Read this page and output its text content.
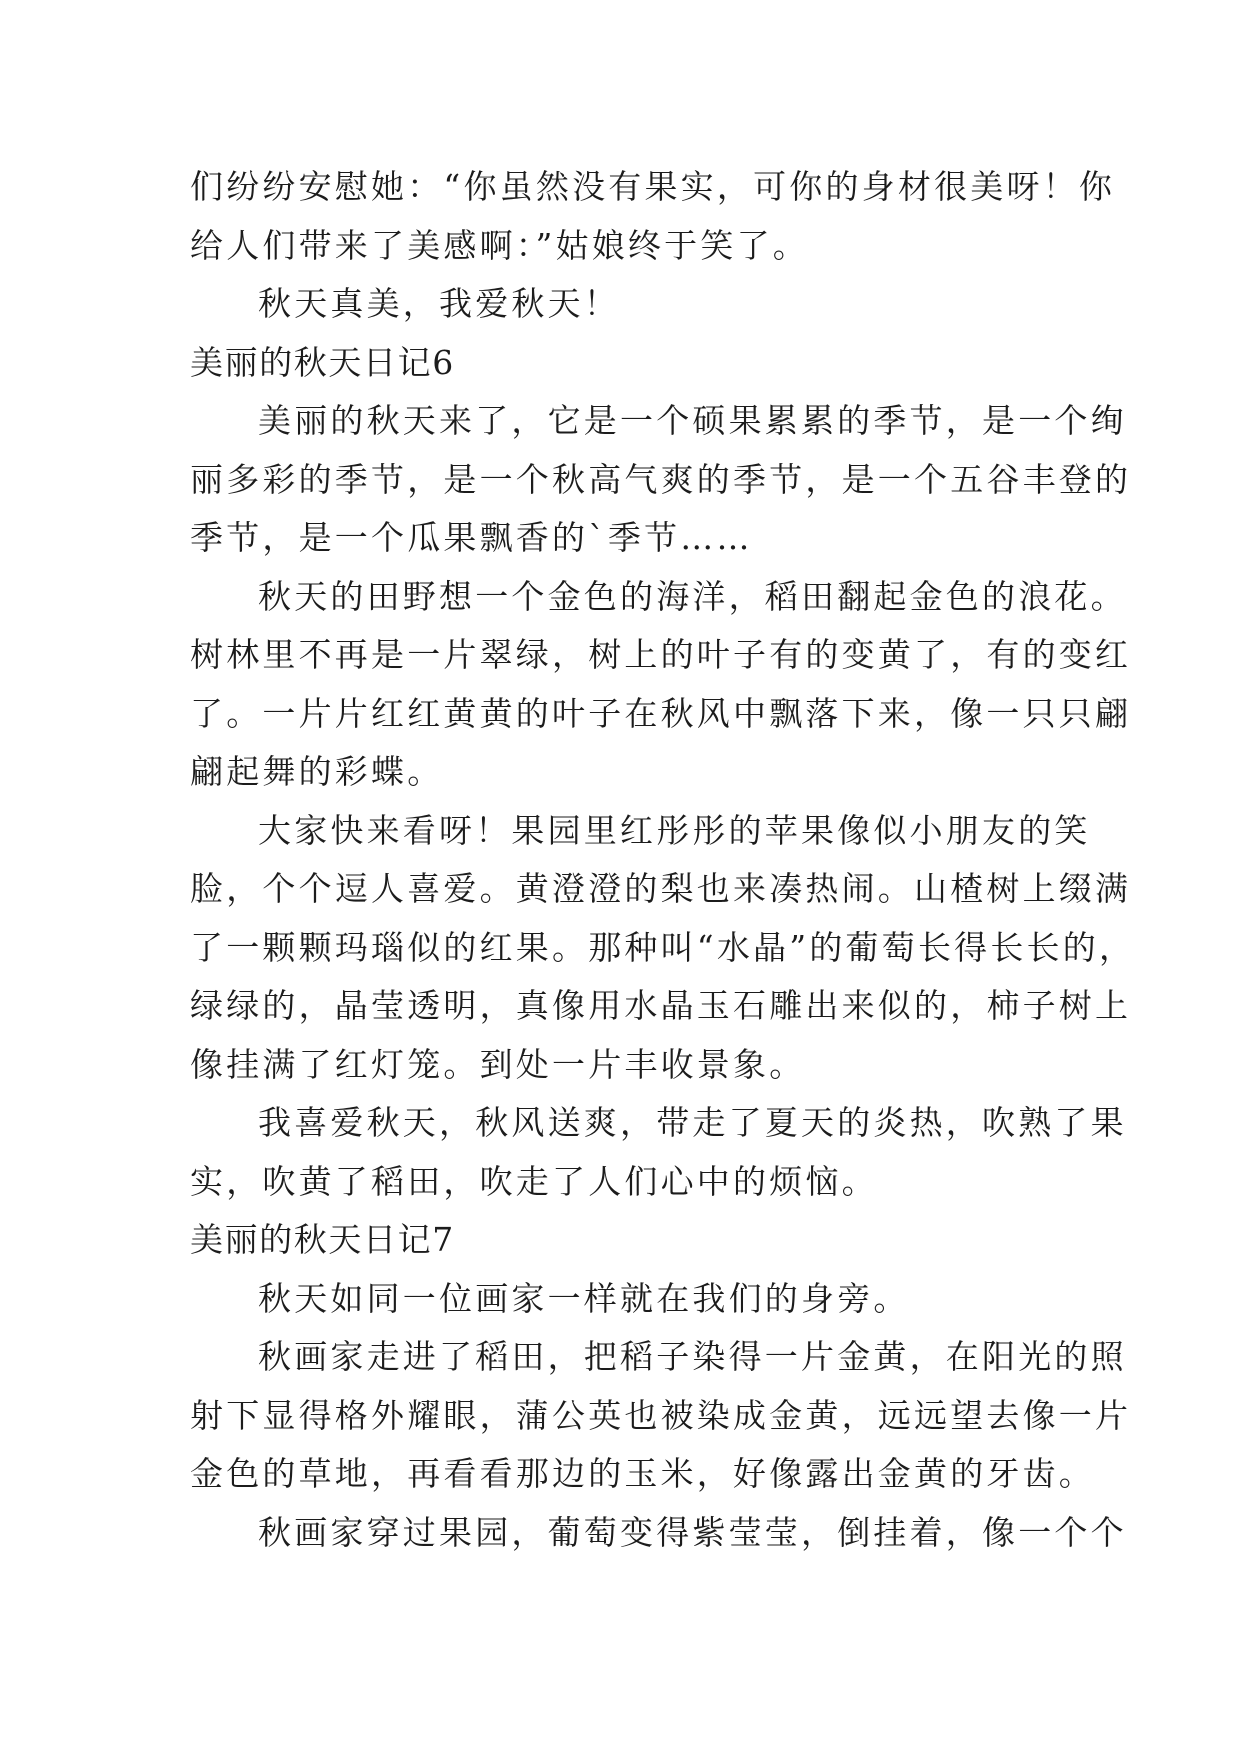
们纷纷安慰她：“你虽然没有果实，可你的身材很美呀！你
给人们带来了美感啊：”姑娘终于笑了。
秋天真美，我爱秋天！
美丽的秋天日记6
美丽的秋天来了，它是一个硕果累累的季节，是一个绚
丽多彩的季节，是一个秋高气爽的季节，是一个五谷丰登的
季节，是一个瓜果飘香的`季节……
秋天的田野想一个金色的海洋，稻田翻起金色的浪花。
树林里不再是一片翠绿，树上的叶子有的变黄了，有的变红
了。一片片红红黄黄的叶子在秋风中飘落下来，像一只只翩
翩起舞的彩蝶。
大家快来看呀！果园里红彤彤的苹果像似小朋友的笑
脸，个个逗人喜爱。黄澄澄的梨也来凑热闹。山楂树上缀满
了一颗颗玛瑙似的红果。那种叫“水晶”的葡萄长得长长的，
绿绿的，晶莹透明，真像用水晶玉石雕出来似的，柿子树上
像挂满了红灯笼。到处一片丰收景象。
我喜爱秋天，秋风送爽，带走了夏天的炎热，吹熟了果
实，吹黄了稻田，吹走了人们心中的烦恼。
美丽的秋天日记7
秋天如同一位画家一样就在我们的身旁。
秋画家走进了稻田，把稻子染得一片金黄，在阳光的照
射下显得格外耀眼，蒲公英也被染成金黄，远远望去像一片
金色的草地，再看看那边的玉米，好像露出金黄的牙齿。
秋画家穿过果园，葡萄变得紫莹莹，倒挂着，像一个个
